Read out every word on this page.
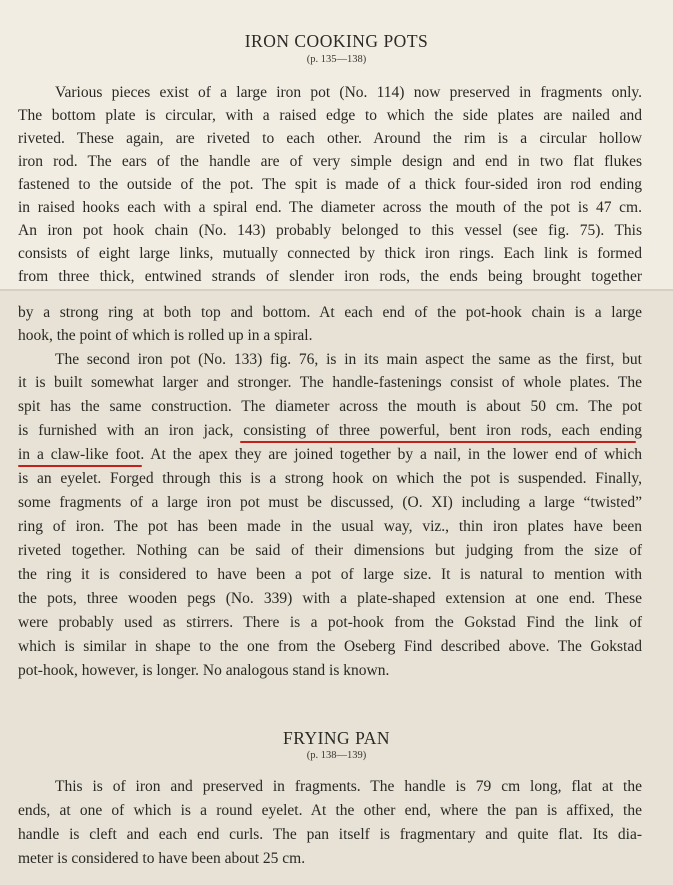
IRON COOKING POTS
(p. 135—138)
Various pieces exist of a large iron pot (No. 114) now preserved in fragments only.
The bottom plate is circular, with a raised edge to which the side plates are nailed and
riveted. These again, are riveted to each other. Around the rim is a circular hollow
iron rod. The ears of the handle are of very simple design and end in two flat flukes
fastened to the outside of the pot. The spit is made of a thick four-sided iron rod ending
in raised hooks each with a spiral end. The diameter across the mouth of the pot is 47 cm.
An iron pot hook chain (No. 143) probably belonged to this vessel (see fig. 75). This
consists of eight large links, mutually connected by thick iron rings. Each link is formed
from three thick, entwined strands of slender iron rods, the ends being brought together
by a strong ring at both top and bottom. At each end of the pot-hook chain is a large
hook, the point of which is rolled up in a spiral.
The second iron pot (No. 133) fig. 76, is in its main aspect the same as the first, but
it is built somewhat larger and stronger. The handle-fastenings consist of whole plates. The
spit has the same construction. The diameter across the mouth is about 50 cm. The pot
is furnished with an iron jack, consisting of three powerful, bent iron rods, each ending
in a claw-like foot. At the apex they are joined together by a nail, in the lower end of which
is an eyelet. Forged through this is a strong hook on which the pot is suspended. Finally,
some fragments of a large iron pot must be discussed, (O. XI) including a large “twisted”
ring of iron. The pot has been made in the usual way, viz., thin iron plates have been
riveted together. Nothing can be said of their dimensions but judging from the size of
the ring it is considered to have been a pot of large size. It is natural to mention with
the pots, three wooden pegs (No. 339) with a plate-shaped extension at one end. These
were probably used as stirrers. There is a pot-hook from the Gokstad Find the link of
which is similar in shape to the one from the Oseberg Find described above. The Gokstad
pot-hook, however, is longer. No analogous stand is known.
FRYING PAN
(p. 138—139)
This is of iron and preserved in fragments. The handle is 79 cm long, flat at the
ends, at one of which is a round eyelet. At the other end, where the pan is affixed, the
handle is cleft and each end curls. The pan itself is fragmentary and quite flat. Its dia-
meter is considered to have been about 25 cm.
